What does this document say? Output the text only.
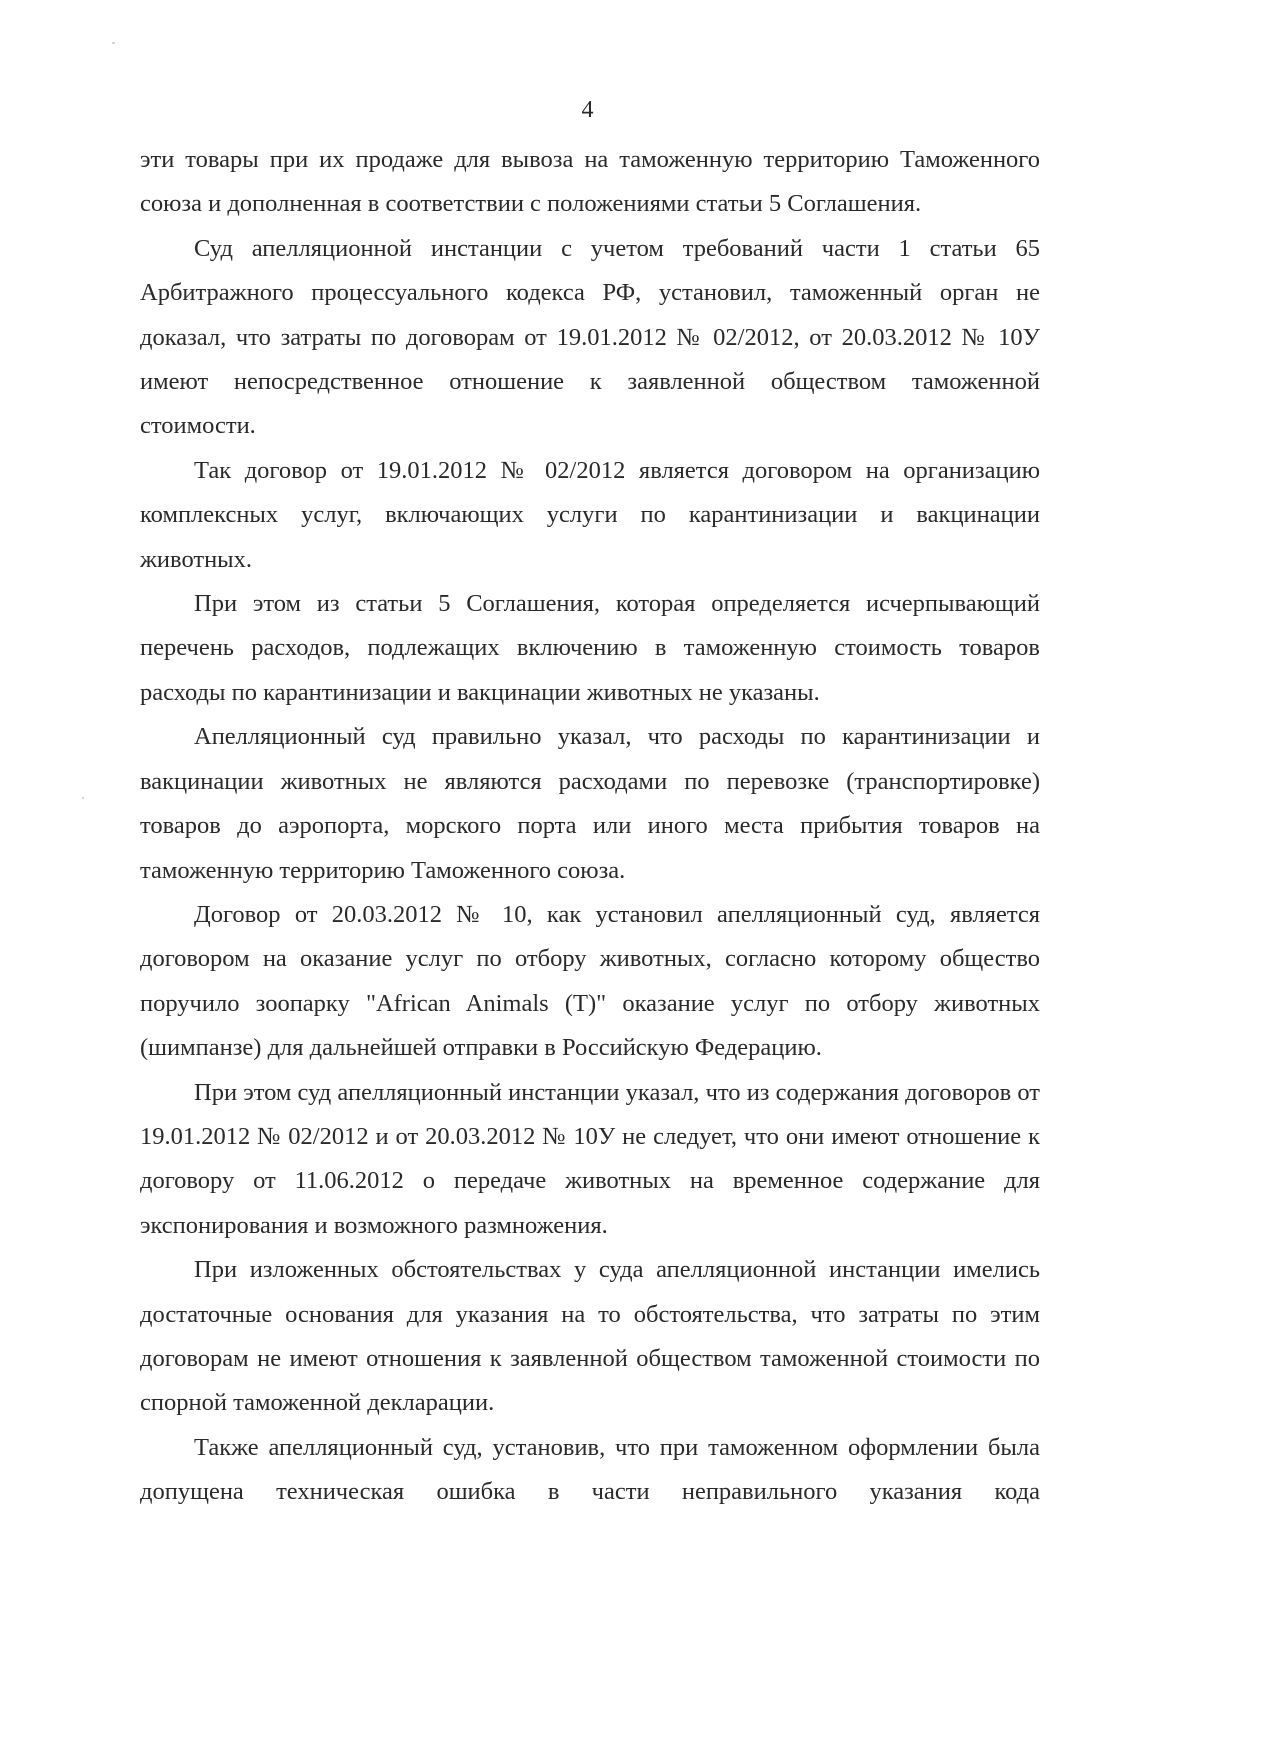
4

эти товары при их продаже для вывоза на таможенную территорию Таможенного союза и дополненная в соответствии с положениями статьи 5 Соглашения.

Суд апелляционной инстанции с учетом требований части 1 статьи 65 Арбитражного процессуального кодекса РФ, установил, таможенный орган не доказал, что затраты по договорам от 19.01.2012 № 02/2012, от 20.03.2012 № 10У имеют непосредственное отношение к заявленной обществом таможенной стоимости.

Так договор от 19.01.2012 № 02/2012 является договором на организацию комплексных услуг, включающих услуги по карантинизации и вакцинации животных.

При этом из статьи 5 Соглашения, которая определяется исчерпывающий перечень расходов, подлежащих включению в таможенную стоимость товаров расходы по карантинизации и вакцинации животных не указаны.

Апелляционный суд правильно указал, что расходы по карантинизации и вакцинации животных не являются расходами по перевозке (транспортировке) товаров до аэропорта, морского порта или иного места прибытия товаров на таможенную территорию Таможенного союза.

Договор от 20.03.2012 № 10, как установил апелляционный суд, является договором на оказание услуг по отбору животных, согласно которому общество поручило зоопарку "African Animals (T)" оказание услуг по отбору животных (шимпанзе) для дальнейшей отправки в Российскую Федерацию.

При этом суд апелляционный инстанции указал, что из содержания договоров от 19.01.2012 № 02/2012 и от 20.03.2012 № 10У не следует, что они имеют отношение к договору от 11.06.2012 о передаче животных на временное содержание для экспонирования и возможного размножения.

При изложенных обстоятельствах у суда апелляционной инстанции имелись достаточные основания для указания на то обстоятельства, что затраты по этим договорам не имеют отношения к заявленной обществом таможенной стоимости по спорной таможенной декларации.

Также апелляционный суд, установив, что при таможенном оформлении была допущена техническая ошибка в части неправильного указания кода
